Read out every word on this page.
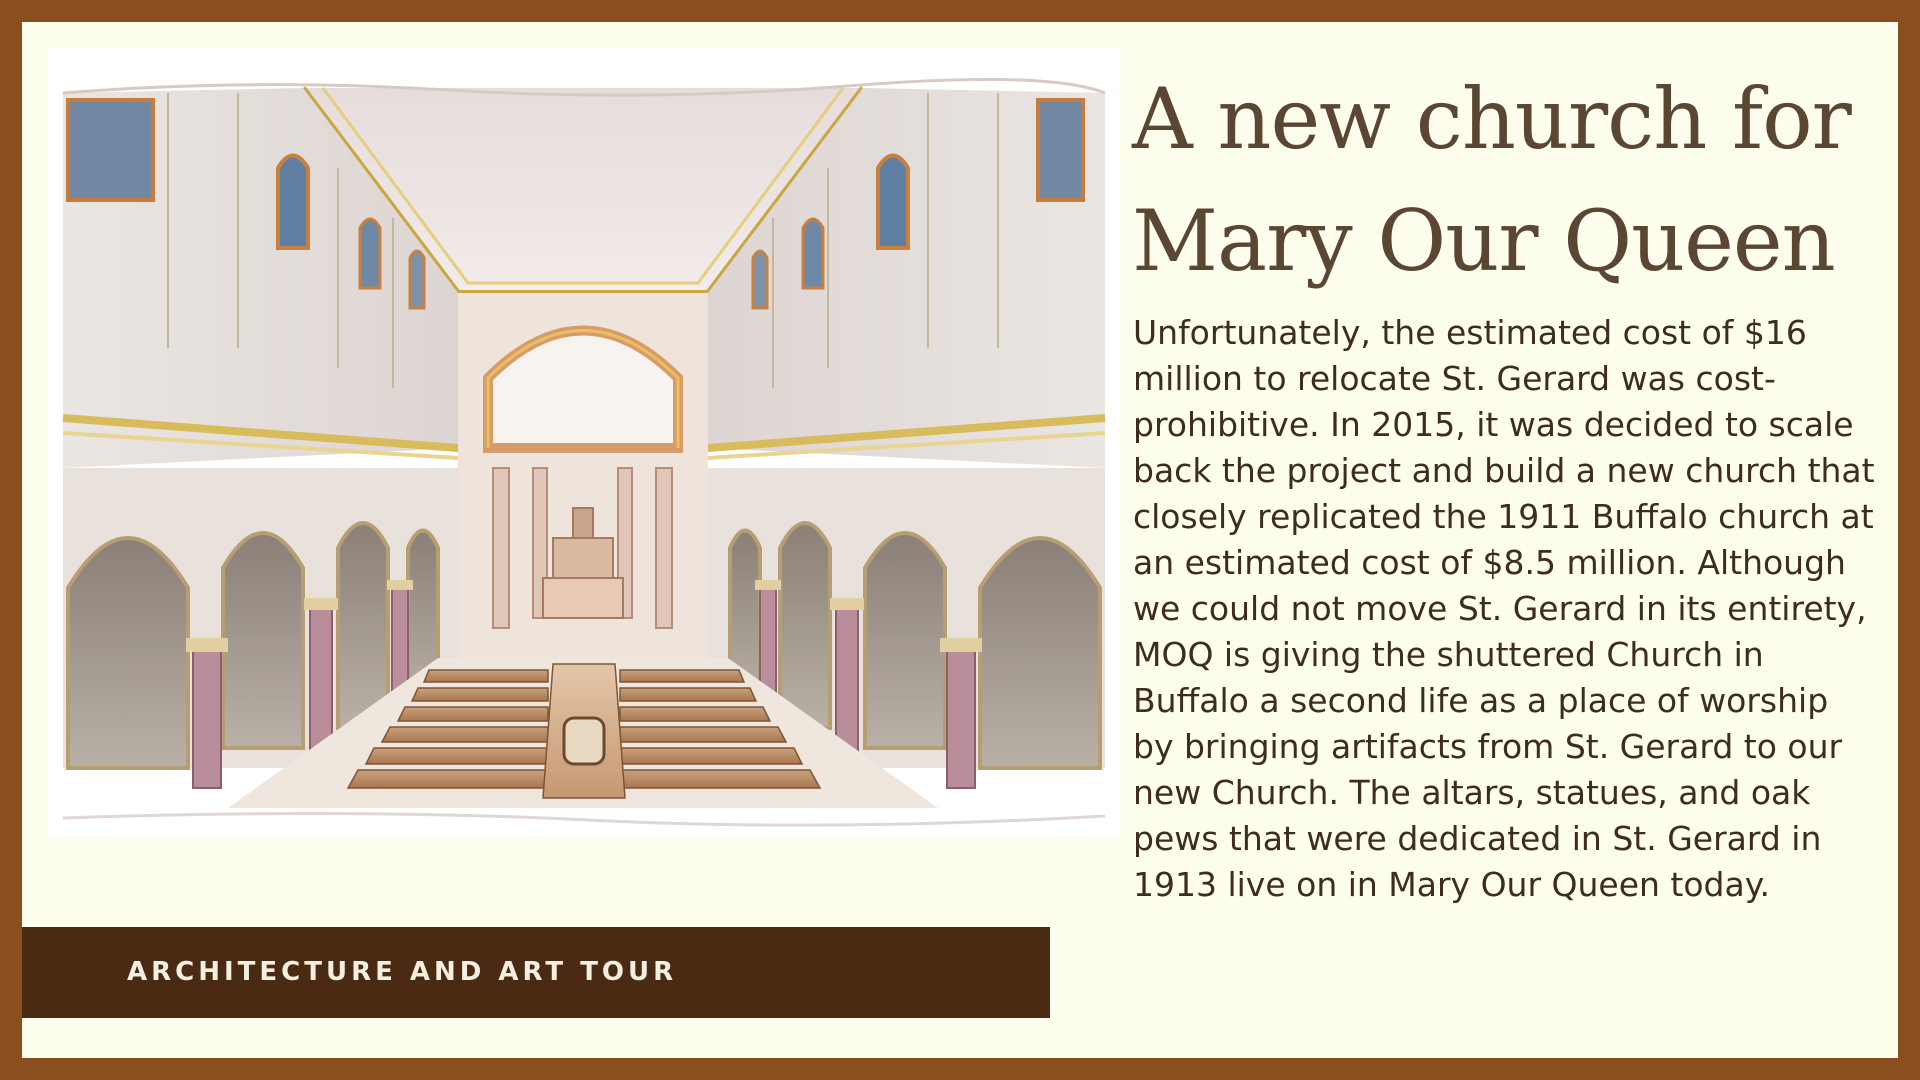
A new church for
Mary Our Queen

Unfortunately, the estimated cost of $16 million to relocate St. Gerard was cost-prohibitive. In 2015, it was decided to scale back the project and build a new church that closely replicated the 1911 Buffalo church at an estimated cost of $8.5 million. Although we could not move St. Gerard in its entirety, MOQ is giving the shuttered Church in Buffalo a second life as a place of worship by bringing artifacts from St. Gerard to our new Church. The altars, statues, and oak pews that were dedicated in St. Gerard in 1913 live on in Mary Our Queen today.

ARCHITECTURE AND ART TOUR
